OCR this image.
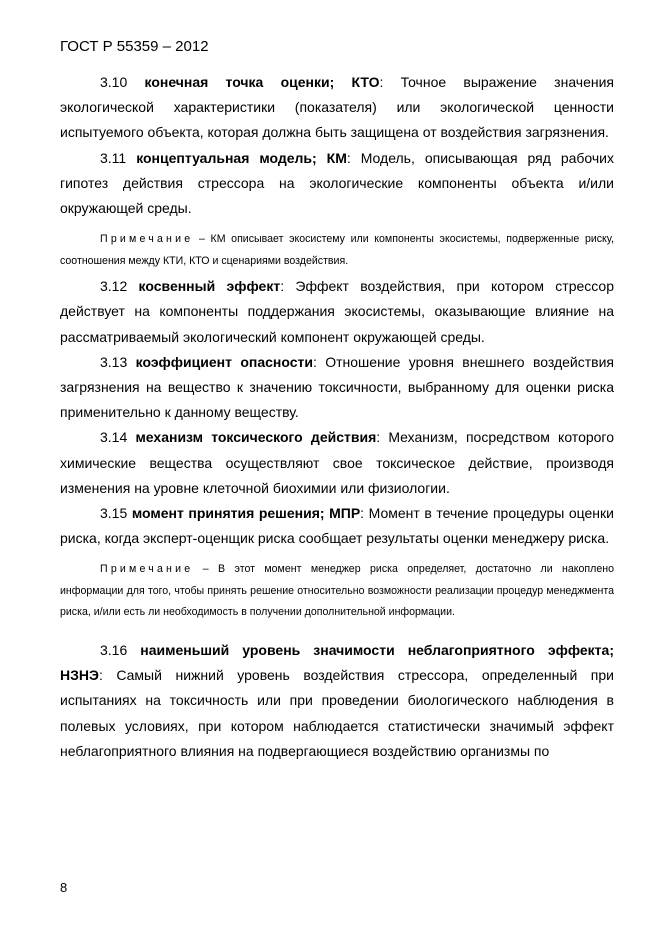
ГОСТ Р 55359 – 2012

3.10 конечная точка оценки; КТО: Точное выражение значения экологической характеристики (показателя) или экологической ценности испытуемого объекта, которая должна быть защищена от воздействия загрязнения.

3.11 концептуальная модель; КМ: Модель, описывающая ряд рабочих гипотез действия стрессора на экологические компоненты объекта и/или окружающей среды.

Примечание – КМ описывает экосистему или компоненты экосистемы, подверженные риску, соотношения между КТИ, КТО и сценариями воздействия.

3.12 косвенный эффект: Эффект воздействия, при котором стрессор действует на компоненты поддержания экосистемы, оказывающие влияние на рассматриваемый экологический компонент окружающей среды.

3.13 коэффициент опасности: Отношение уровня внешнего воздействия загрязнения на вещество к значению токсичности, выбранному для оценки риска применительно к данному веществу.

3.14 механизм токсического действия: Механизм, посредством которого химические вещества осуществляют свое токсическое действие, производя изменения на уровне клеточной биохимии или физиологии.

3.15 момент принятия решения; МПР: Момент в течение процедуры оценки риска, когда эксперт-оценщик риска сообщает результаты оценки менеджеру риска.

Примечание – В этот момент менеджер риска определяет, достаточно ли накоплено информации для того, чтобы принять решение относительно возможности реализации процедур менеджмента риска, и/или есть ли необходимость в получении дополнительной информации.

3.16 наименьший уровень значимости неблагоприятного эффекта; НЗНЭ: Самый нижний уровень воздействия стрессора, определенный при испытаниях на токсичность или при проведении биологического наблюдения в полевых условиях, при котором наблюдается статистически значимый эффект неблагоприятного влияния на подвергающиеся воздействию организмы по

8
